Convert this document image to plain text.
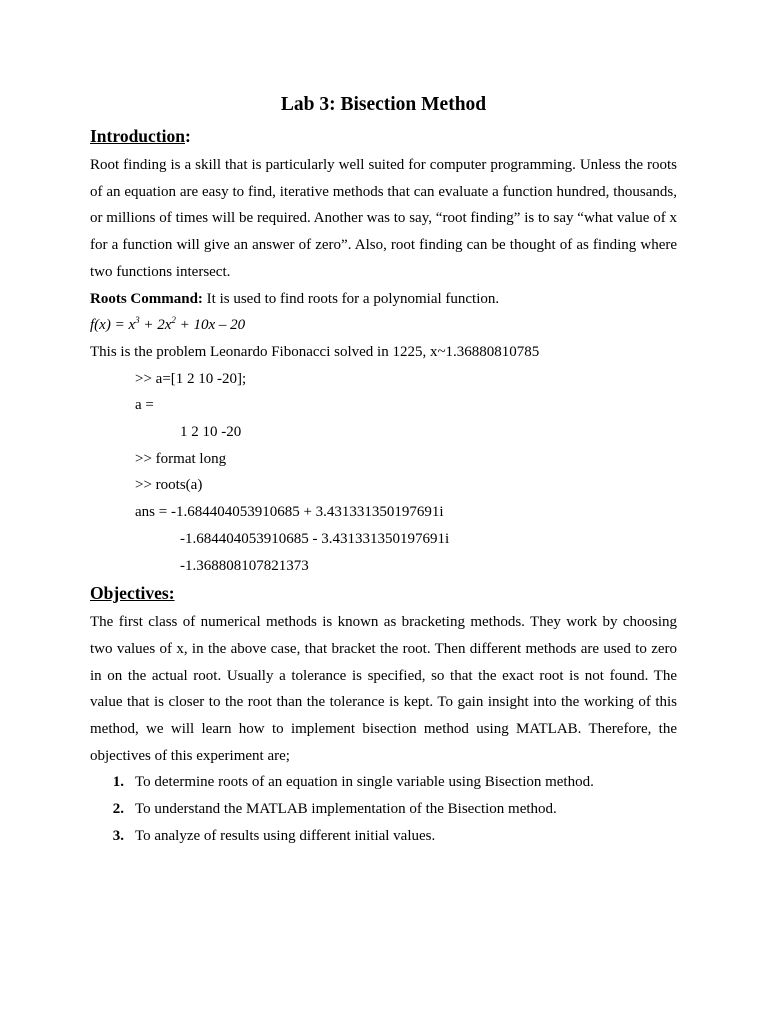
Lab 3: Bisection Method
Introduction:

Root finding is a skill that is particularly well suited for computer programming. Unless the roots of an equation are easy to find, iterative methods that can evaluate a function hundred, thousands, or millions of times will be required. Another was to say, “root finding” is to say “what value of x for a function will give an answer of zero”. Also, root finding can be thought of as finding where two functions intersect.

Roots Command: It is used to find roots for a polynomial function.

$f(x) = x^3 + 2x^2 + 10x - 20$

This is the problem Leonardo Fibonacci solved in 1225, x~1.36880810785

>> a=[1 2 10 -20];

a =

1 2 10 -20

>> format long

>> roots(a)

ans = -1.684404053910685 + 3.431331350197691i

-1.684404053910685 - 3.431331350197691i

-1.368808107821373

Objectives:

The first class of numerical methods is known as bracketing methods. They work by choosing two values of x, in the above case, that bracket the root. Then different methods are used to zero in on the actual root. Usually a tolerance is specified, so that the exact root is not found. The value that is closer to the root than the tolerance is kept. To gain insight into the working of this method, we will learn how to implement bisection method using MATLAB. Therefore, the objectives of this experiment are;

1. To determine roots of an equation in single variable using Bisection method.
2. To understand the MATLAB implementation of the Bisection method.
3. To analyze of results using different initial values.
